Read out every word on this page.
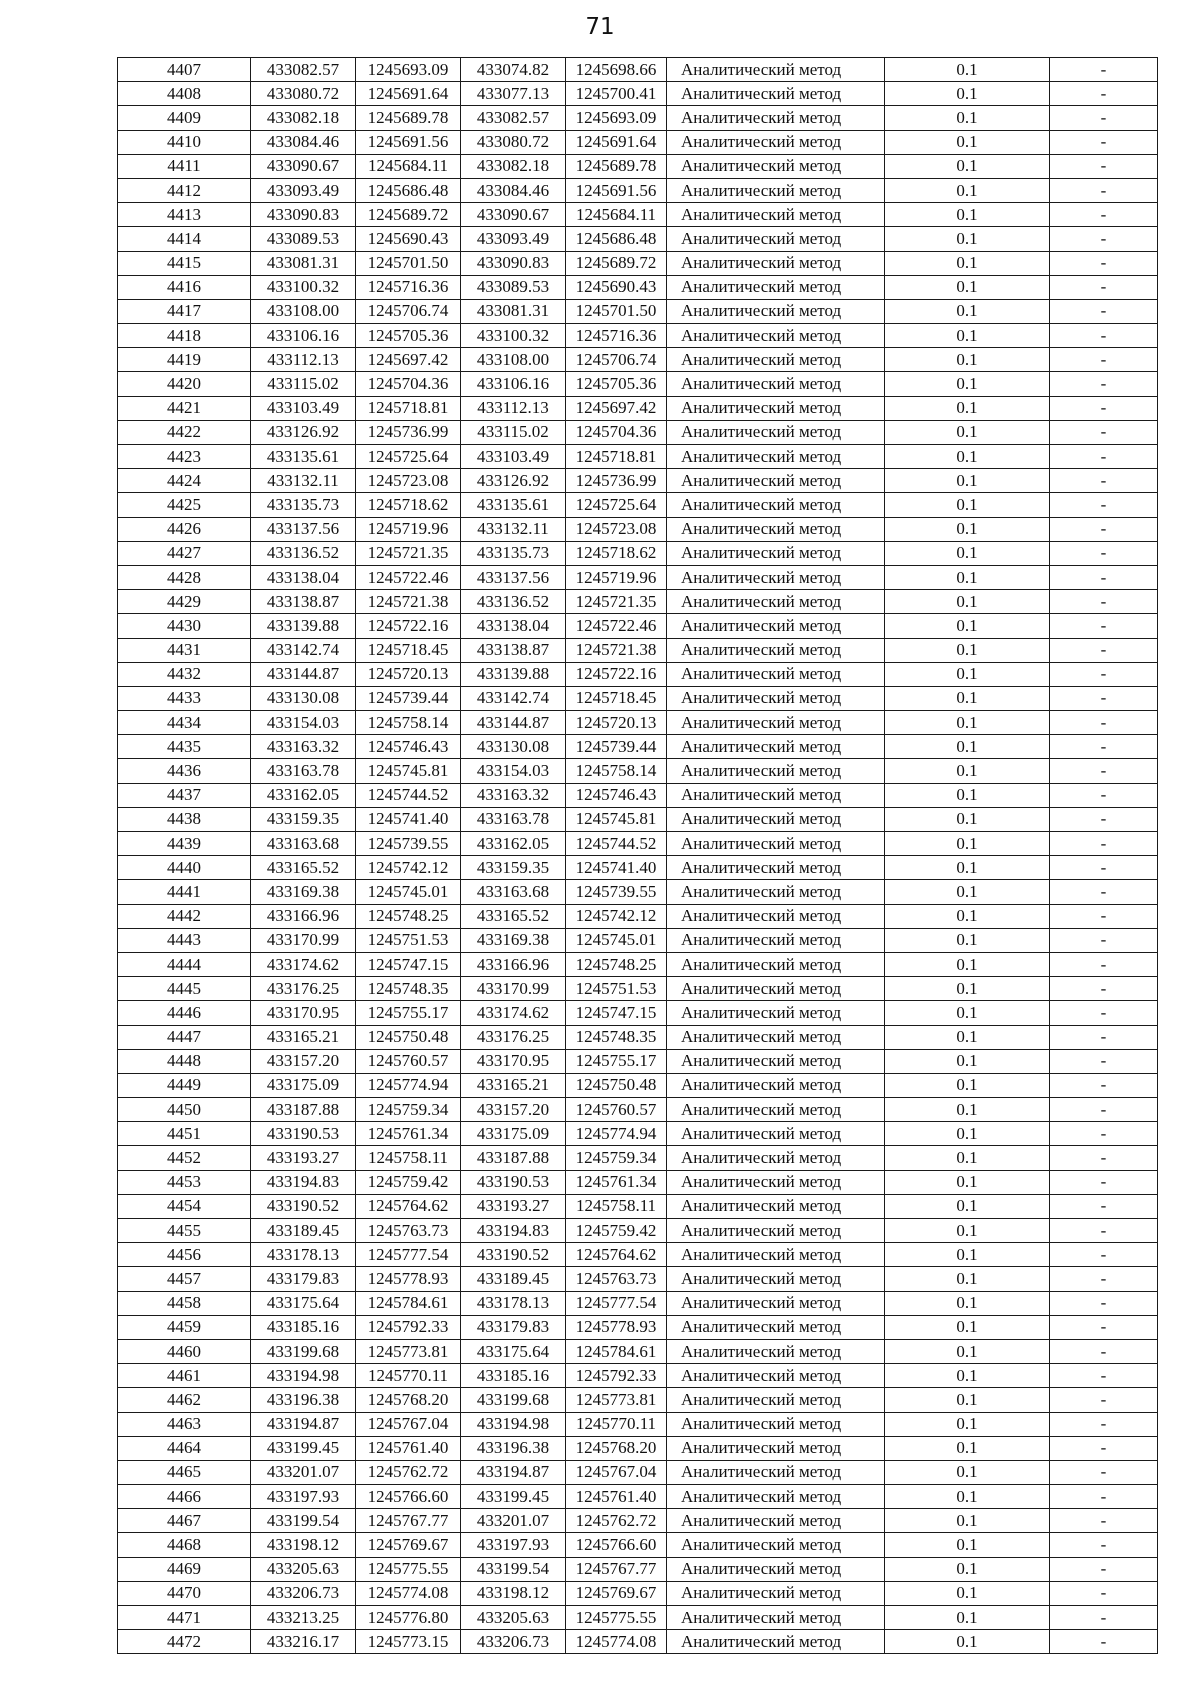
71
4407	433082.57	1245693.09	433074.82	1245698.66	Аналитический метод	0.1	-
4408	433080.72	1245691.64	433077.13	1245700.41	Аналитический метод	0.1	-
4409	433082.18	1245689.78	433082.57	1245693.09	Аналитический метод	0.1	-
4410	433084.46	1245691.56	433080.72	1245691.64	Аналитический метод	0.1	-
4411	433090.67	1245684.11	433082.18	1245689.78	Аналитический метод	0.1	-
4412	433093.49	1245686.48	433084.46	1245691.56	Аналитический метод	0.1	-
4413	433090.83	1245689.72	433090.67	1245684.11	Аналитический метод	0.1	-
4414	433089.53	1245690.43	433093.49	1245686.48	Аналитический метод	0.1	-
4415	433081.31	1245701.50	433090.83	1245689.72	Аналитический метод	0.1	-
4416	433100.32	1245716.36	433089.53	1245690.43	Аналитический метод	0.1	-
4417	433108.00	1245706.74	433081.31	1245701.50	Аналитический метод	0.1	-
4418	433106.16	1245705.36	433100.32	1245716.36	Аналитический метод	0.1	-
4419	433112.13	1245697.42	433108.00	1245706.74	Аналитический метод	0.1	-
4420	433115.02	1245704.36	433106.16	1245705.36	Аналитический метод	0.1	-
4421	433103.49	1245718.81	433112.13	1245697.42	Аналитический метод	0.1	-
4422	433126.92	1245736.99	433115.02	1245704.36	Аналитический метод	0.1	-
4423	433135.61	1245725.64	433103.49	1245718.81	Аналитический метод	0.1	-
4424	433132.11	1245723.08	433126.92	1245736.99	Аналитический метод	0.1	-
4425	433135.73	1245718.62	433135.61	1245725.64	Аналитический метод	0.1	-
4426	433137.56	1245719.96	433132.11	1245723.08	Аналитический метод	0.1	-
4427	433136.52	1245721.35	433135.73	1245718.62	Аналитический метод	0.1	-
4428	433138.04	1245722.46	433137.56	1245719.96	Аналитический метод	0.1	-
4429	433138.87	1245721.38	433136.52	1245721.35	Аналитический метод	0.1	-
4430	433139.88	1245722.16	433138.04	1245722.46	Аналитический метод	0.1	-
4431	433142.74	1245718.45	433138.87	1245721.38	Аналитический метод	0.1	-
4432	433144.87	1245720.13	433139.88	1245722.16	Аналитический метод	0.1	-
4433	433130.08	1245739.44	433142.74	1245718.45	Аналитический метод	0.1	-
4434	433154.03	1245758.14	433144.87	1245720.13	Аналитический метод	0.1	-
4435	433163.32	1245746.43	433130.08	1245739.44	Аналитический метод	0.1	-
4436	433163.78	1245745.81	433154.03	1245758.14	Аналитический метод	0.1	-
4437	433162.05	1245744.52	433163.32	1245746.43	Аналитический метод	0.1	-
4438	433159.35	1245741.40	433163.78	1245745.81	Аналитический метод	0.1	-
4439	433163.68	1245739.55	433162.05	1245744.52	Аналитический метод	0.1	-
4440	433165.52	1245742.12	433159.35	1245741.40	Аналитический метод	0.1	-
4441	433169.38	1245745.01	433163.68	1245739.55	Аналитический метод	0.1	-
4442	433166.96	1245748.25	433165.52	1245742.12	Аналитический метод	0.1	-
4443	433170.99	1245751.53	433169.38	1245745.01	Аналитический метод	0.1	-
4444	433174.62	1245747.15	433166.96	1245748.25	Аналитический метод	0.1	-
4445	433176.25	1245748.35	433170.99	1245751.53	Аналитический метод	0.1	-
4446	433170.95	1245755.17	433174.62	1245747.15	Аналитический метод	0.1	-
4447	433165.21	1245750.48	433176.25	1245748.35	Аналитический метод	0.1	-
4448	433157.20	1245760.57	433170.95	1245755.17	Аналитический метод	0.1	-
4449	433175.09	1245774.94	433165.21	1245750.48	Аналитический метод	0.1	-
4450	433187.88	1245759.34	433157.20	1245760.57	Аналитический метод	0.1	-
4451	433190.53	1245761.34	433175.09	1245774.94	Аналитический метод	0.1	-
4452	433193.27	1245758.11	433187.88	1245759.34	Аналитический метод	0.1	-
4453	433194.83	1245759.42	433190.53	1245761.34	Аналитический метод	0.1	-
4454	433190.52	1245764.62	433193.27	1245758.11	Аналитический метод	0.1	-
4455	433189.45	1245763.73	433194.83	1245759.42	Аналитический метод	0.1	-
4456	433178.13	1245777.54	433190.52	1245764.62	Аналитический метод	0.1	-
4457	433179.83	1245778.93	433189.45	1245763.73	Аналитический метод	0.1	-
4458	433175.64	1245784.61	433178.13	1245777.54	Аналитический метод	0.1	-
4459	433185.16	1245792.33	433179.83	1245778.93	Аналитический метод	0.1	-
4460	433199.68	1245773.81	433175.64	1245784.61	Аналитический метод	0.1	-
4461	433194.98	1245770.11	433185.16	1245792.33	Аналитический метод	0.1	-
4462	433196.38	1245768.20	433199.68	1245773.81	Аналитический метод	0.1	-
4463	433194.87	1245767.04	433194.98	1245770.11	Аналитический метод	0.1	-
4464	433199.45	1245761.40	433196.38	1245768.20	Аналитический метод	0.1	-
4465	433201.07	1245762.72	433194.87	1245767.04	Аналитический метод	0.1	-
4466	433197.93	1245766.60	433199.45	1245761.40	Аналитический метод	0.1	-
4467	433199.54	1245767.77	433201.07	1245762.72	Аналитический метод	0.1	-
4468	433198.12	1245769.67	433197.93	1245766.60	Аналитический метод	0.1	-
4469	433205.63	1245775.55	433199.54	1245767.77	Аналитический метод	0.1	-
4470	433206.73	1245774.08	433198.12	1245769.67	Аналитический метод	0.1	-
4471	433213.25	1245776.80	433205.63	1245775.55	Аналитический метод	0.1	-
4472	433216.17	1245773.15	433206.73	1245774.08	Аналитический метод	0.1	-
